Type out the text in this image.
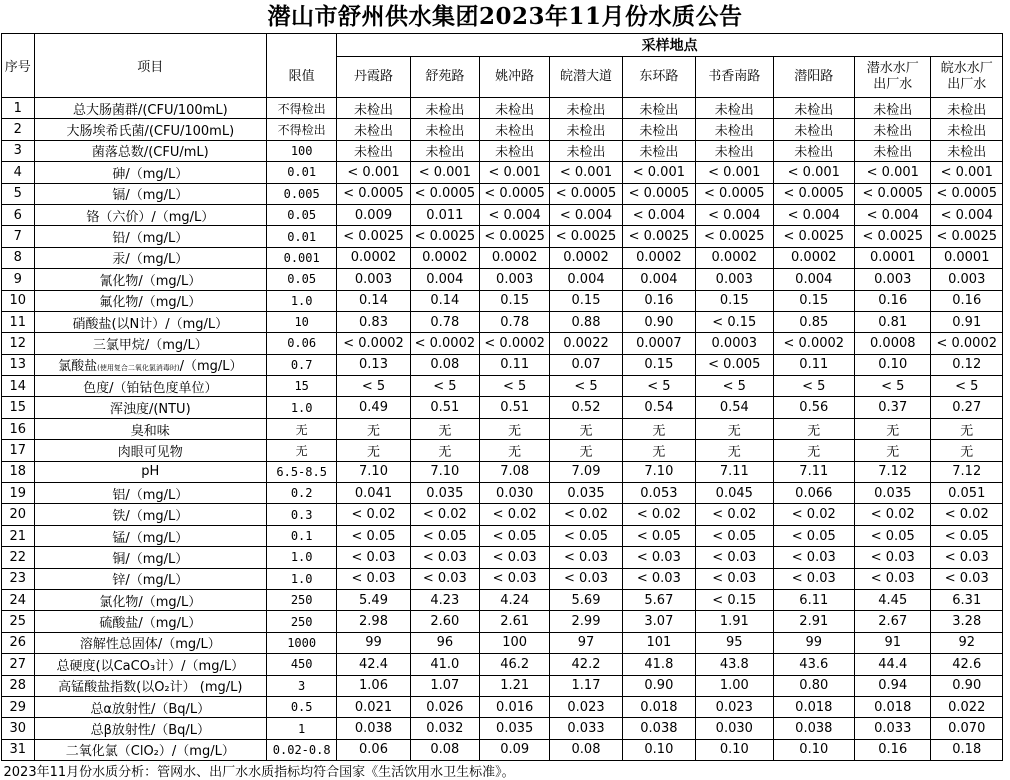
潜山市舒州供水集团2023年11月份水质公告
序号	项目		采样地点								
		限值	丹霞路	舒苑路	姚冲路	皖潜大道	东环路	书香南路	潜阳路	潜水水厂出厂水	皖水水厂出厂水
1	总大肠菌群/(CFU/100mL)	不得检出	未检出	未检出	未检出	未检出	未检出	未检出	未检出	未检出	未检出
2	大肠埃希氏菌/(CFU/100mL)	不得检出	未检出	未检出	未检出	未检出	未检出	未检出	未检出	未检出	未检出
3	菌落总数/(CFU/mL)	100	未检出	未检出	未检出	未检出	未检出	未检出	未检出	未检出	未检出
4	砷/（mg/L）	0.01	< 0.001	< 0.001	< 0.001	< 0.001	< 0.001	< 0.001	< 0.001	< 0.001	< 0.001
5	镉/（mg/L）	0.005	< 0.0005	< 0.0005	< 0.0005	< 0.0005	< 0.0005	< 0.0005	< 0.0005	< 0.0005	< 0.0005
6	铬（六价）/（mg/L）	0.05	0.009	0.011	< 0.004	< 0.004	< 0.004	< 0.004	< 0.004	< 0.004	< 0.004
7	铅/（mg/L）	0.01	< 0.0025	< 0.0025	< 0.0025	< 0.0025	< 0.0025	< 0.0025	< 0.0025	< 0.0025	< 0.0025
8	汞/（mg/L）	0.001	0.0002	0.0002	0.0002	0.0002	0.0002	0.0002	0.0002	0.0001	0.0001
9	氰化物/（mg/L）	0.05	0.003	0.004	0.003	0.004	0.004	0.003	0.004	0.003	0.003
10	氟化物/（mg/L）	1.0	0.14	0.14	0.15	0.15	0.16	0.15	0.15	0.16	0.16
11	硝酸盐(以N计）/（mg/L）	10	0.83	0.78	0.78	0.88	0.90	< 0.15	0.85	0.81	0.91
12	三氯甲烷/（mg/L）	0.06	< 0.0002	< 0.0002	< 0.0002	0.0022	0.0007	0.0003	< 0.0002	0.0008	< 0.0002
13	氯酸盐(使用复合二氧化氯消毒时)/（mg/L）	0.7	0.13	0.08	0.11	0.07	0.15	< 0.005	0.11	0.10	0.12
14	色度/（铂钴色度单位）	15	< 5	< 5	< 5	< 5	< 5	< 5	< 5	< 5	< 5
15	浑浊度/(NTU)	1.0	0.49	0.51	0.51	0.52	0.54	0.54	0.56	0.37	0.27
16	臭和味	无	无	无	无	无	无	无	无	无	无
17	肉眼可见物	无	无	无	无	无	无	无	无	无	无
18	pH	6.5-8.5	7.10	7.10	7.08	7.09	7.10	7.11	7.11	7.12	7.12
19	铝/（mg/L）	0.2	0.041	0.035	0.030	0.035	0.053	0.045	0.066	0.035	0.051
20	铁/（mg/L）	0.3	< 0.02	< 0.02	< 0.02	< 0.02	< 0.02	< 0.02	< 0.02	< 0.02	< 0.02
21	锰/（mg/L）	0.1	< 0.05	< 0.05	< 0.05	< 0.05	< 0.05	< 0.05	< 0.05	< 0.05	< 0.05
22	铜/（mg/L）	1.0	< 0.03	< 0.03	< 0.03	< 0.03	< 0.03	< 0.03	< 0.03	< 0.03	< 0.03
23	锌/（mg/L）	1.0	< 0.03	< 0.03	< 0.03	< 0.03	< 0.03	< 0.03	< 0.03	< 0.03	< 0.03
24	氯化物/（mg/L）	250	5.49	4.23	4.24	5.69	5.67	< 0.15	6.11	4.45	6.31
25	硫酸盐/（mg/L）	250	2.98	2.60	2.61	2.99	3.07	1.91	2.91	2.67	3.28
26	溶解性总固体/（mg/L）	1000	99	96	100	97	101	95	99	91	92
27	总硬度(以CaCO₃计）/（mg/L）	450	42.4	41.0	46.2	42.2	41.8	43.8	43.6	44.4	42.6
28	高锰酸盐指数(以O₂计） (mg/L)	3	1.06	1.07	1.21	1.17	0.90	1.00	0.80	0.94	0.90
29	总α放射性/（Bq/L）	0.5	0.021	0.026	0.016	0.023	0.018	0.023	0.018	0.018	0.022
30	总β放射性/（Bq/L）	1	0.038	0.032	0.035	0.033	0.038	0.030	0.038	0.033	0.070
31	二氧化氯（ClO₂）/（mg/L）	0.02-0.8	0.06	0.08	0.09	0.08	0.10	0.10	0.10	0.16	0.18
2023年11月份水质分析：管网水、出厂水水质指标均符合国家《生活饮用水卫生标准》。											
